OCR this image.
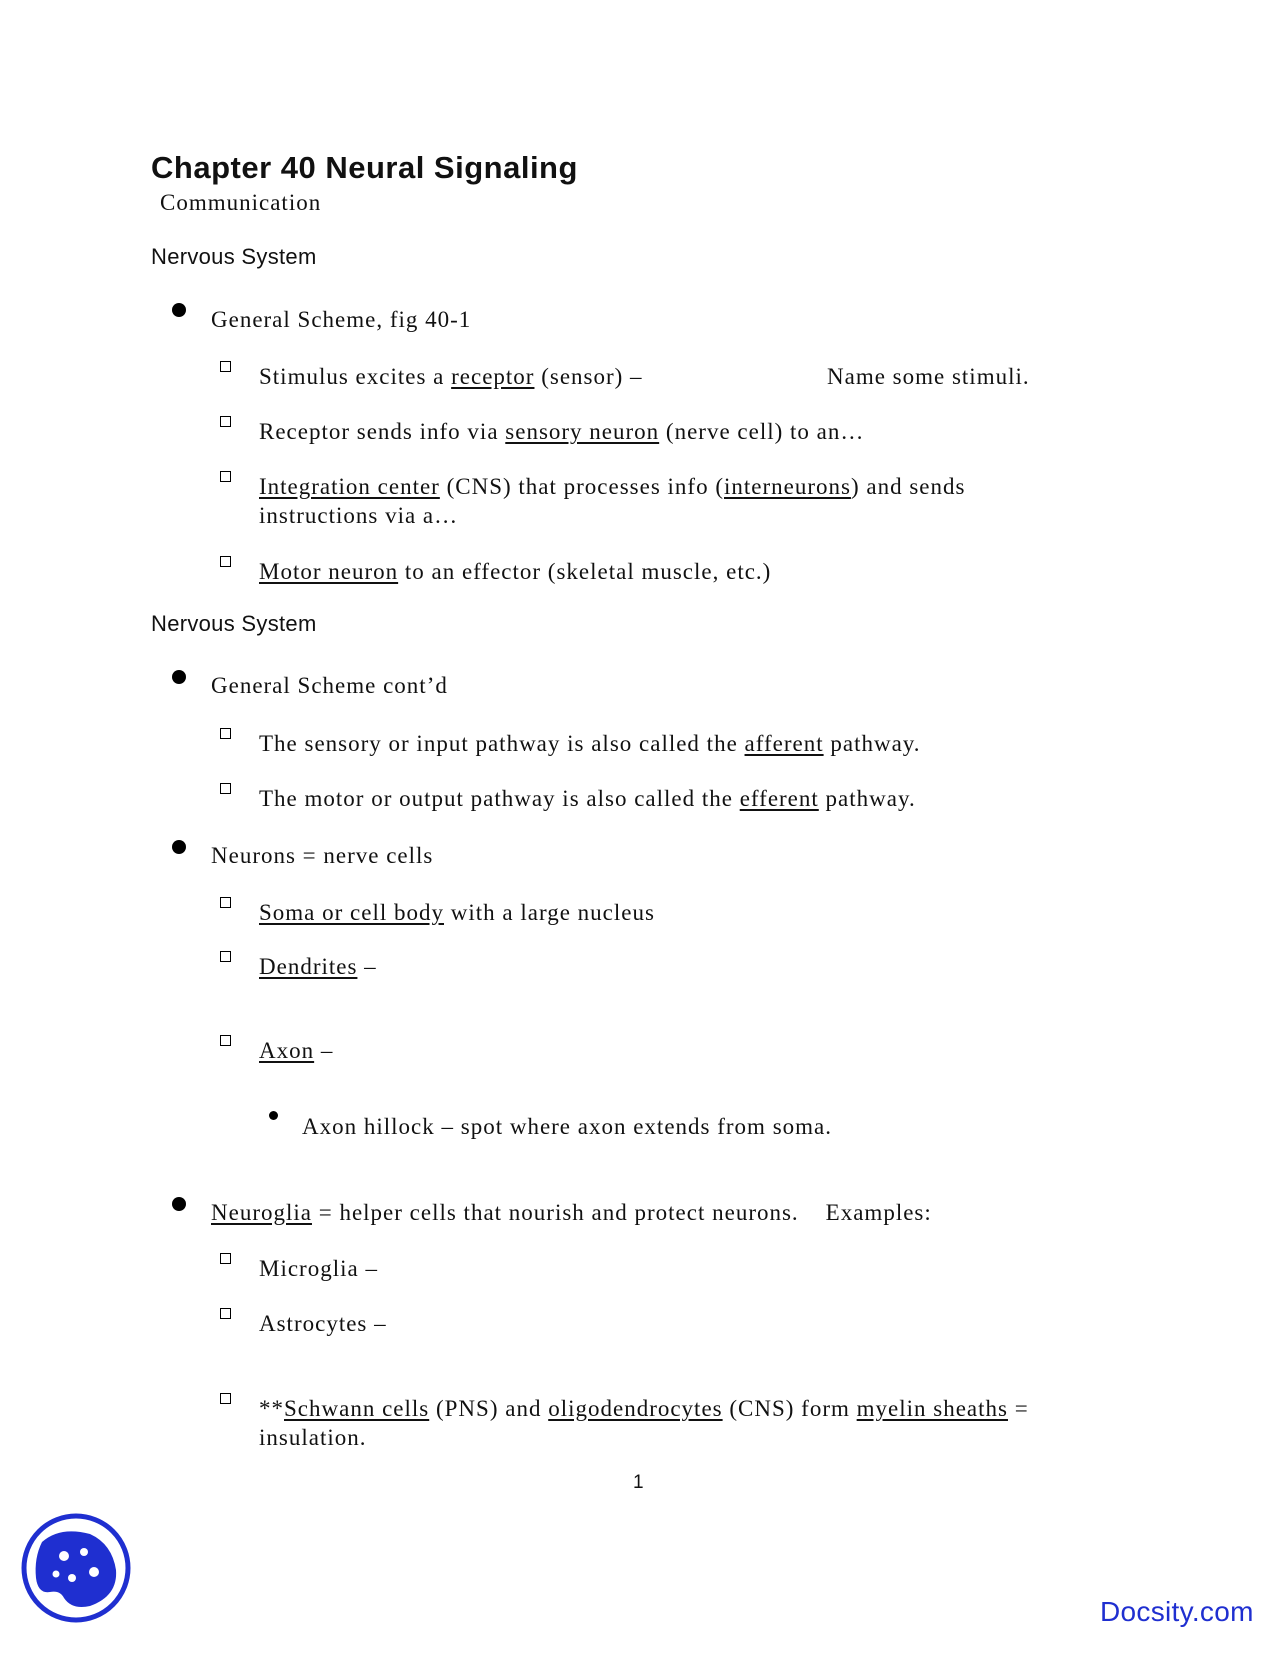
Chapter 40 Neural Signaling
Communication
Nervous System
General Scheme, fig 40-1
Stimulus excites a receptor (sensor) –	Name some stimuli.
Receptor sends info via sensory neuron (nerve cell) to an…
Integration center (CNS) that processes info (interneurons) and sends
instructions via a…
Motor neuron to an effector (skeletal muscle, etc.)
Nervous System
General Scheme cont’d
The sensory or input pathway is also called the afferent pathway.
The motor or output pathway is also called the efferent pathway.
Neurons = nerve cells
Soma or cell body with a large nucleus
Dendrites –
Axon –
Axon hillock – spot where axon extends from soma.
Neuroglia = helper cells that nourish and protect neurons.    Examples:
Microglia –
Astrocytes –
**Schwann cells (PNS) and oligodendrocytes (CNS) form myelin sheaths =
insulation.
1
Docsity.com
